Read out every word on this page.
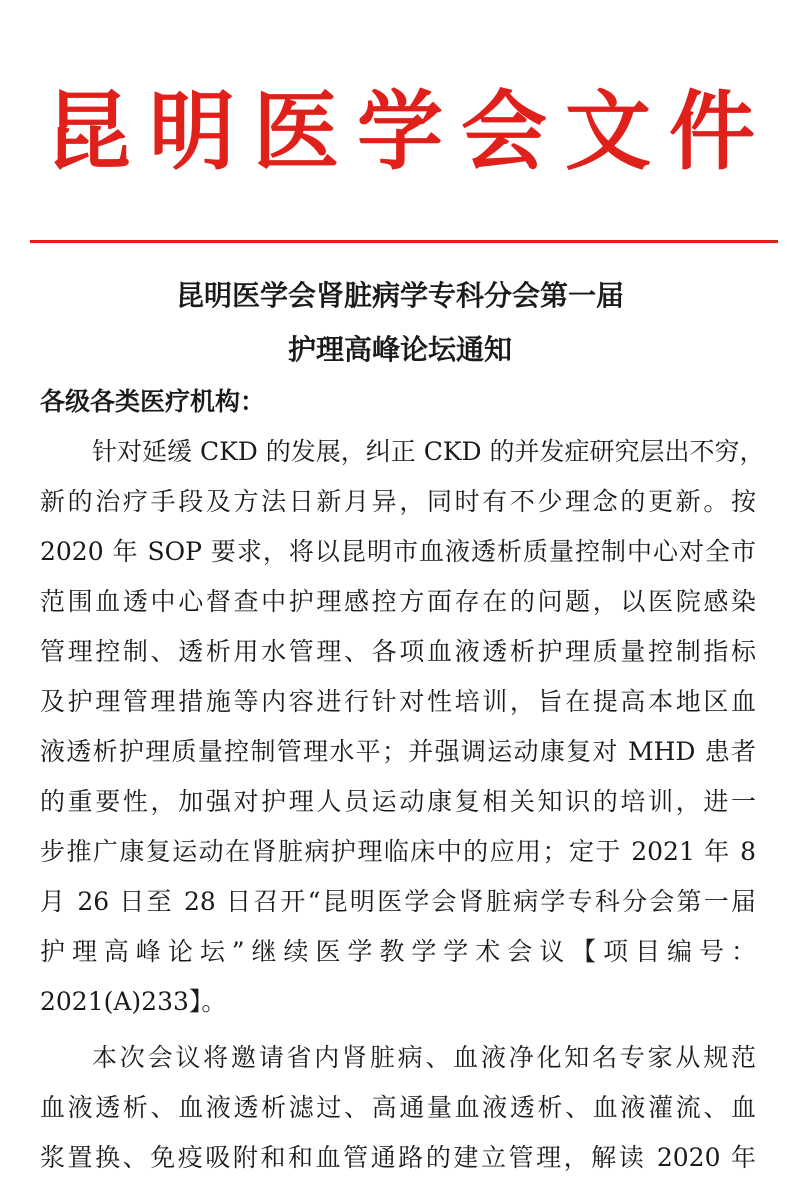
昆明医学会文件
昆明医学会肾脏病学专科分会第一届
护理高峰论坛通知
各级各类医疗机构：
针对延缓 CKD 的发展，纠正 CKD 的并发症研究层出不穷，
新的治疗手段及方法日新月异，同时有不少理念的更新。按
2020 年 SOP 要求，将以昆明市血液透析质量控制中心对全市
范围血透中心督查中护理感控方面存在的问题，以医院感染
管理控制、透析用水管理、各项血液透析护理质量控制指标
及护理管理措施等内容进行针对性培训，旨在提高本地区血
液透析护理质量控制管理水平；并强调运动康复对 MHD 患者
的重要性，加强对护理人员运动康复相关知识的培训，进一
步推广康复运动在肾脏病护理临床中的应用；定于 2021 年 8
月 26 日至 28 日召开“昆明医学会肾脏病学专科分会第一届
护理高峰论坛”继续医学教学学术会议【项目编号：
2021(A)233】。
本次会议将邀请省内肾脏病、血液净化知名专家从规范
血液透析、血液透析滤过、高通量血液透析、血液灌流、血
浆置换、免疫吸附和和血管通路的建立管理，解读 2020 年
